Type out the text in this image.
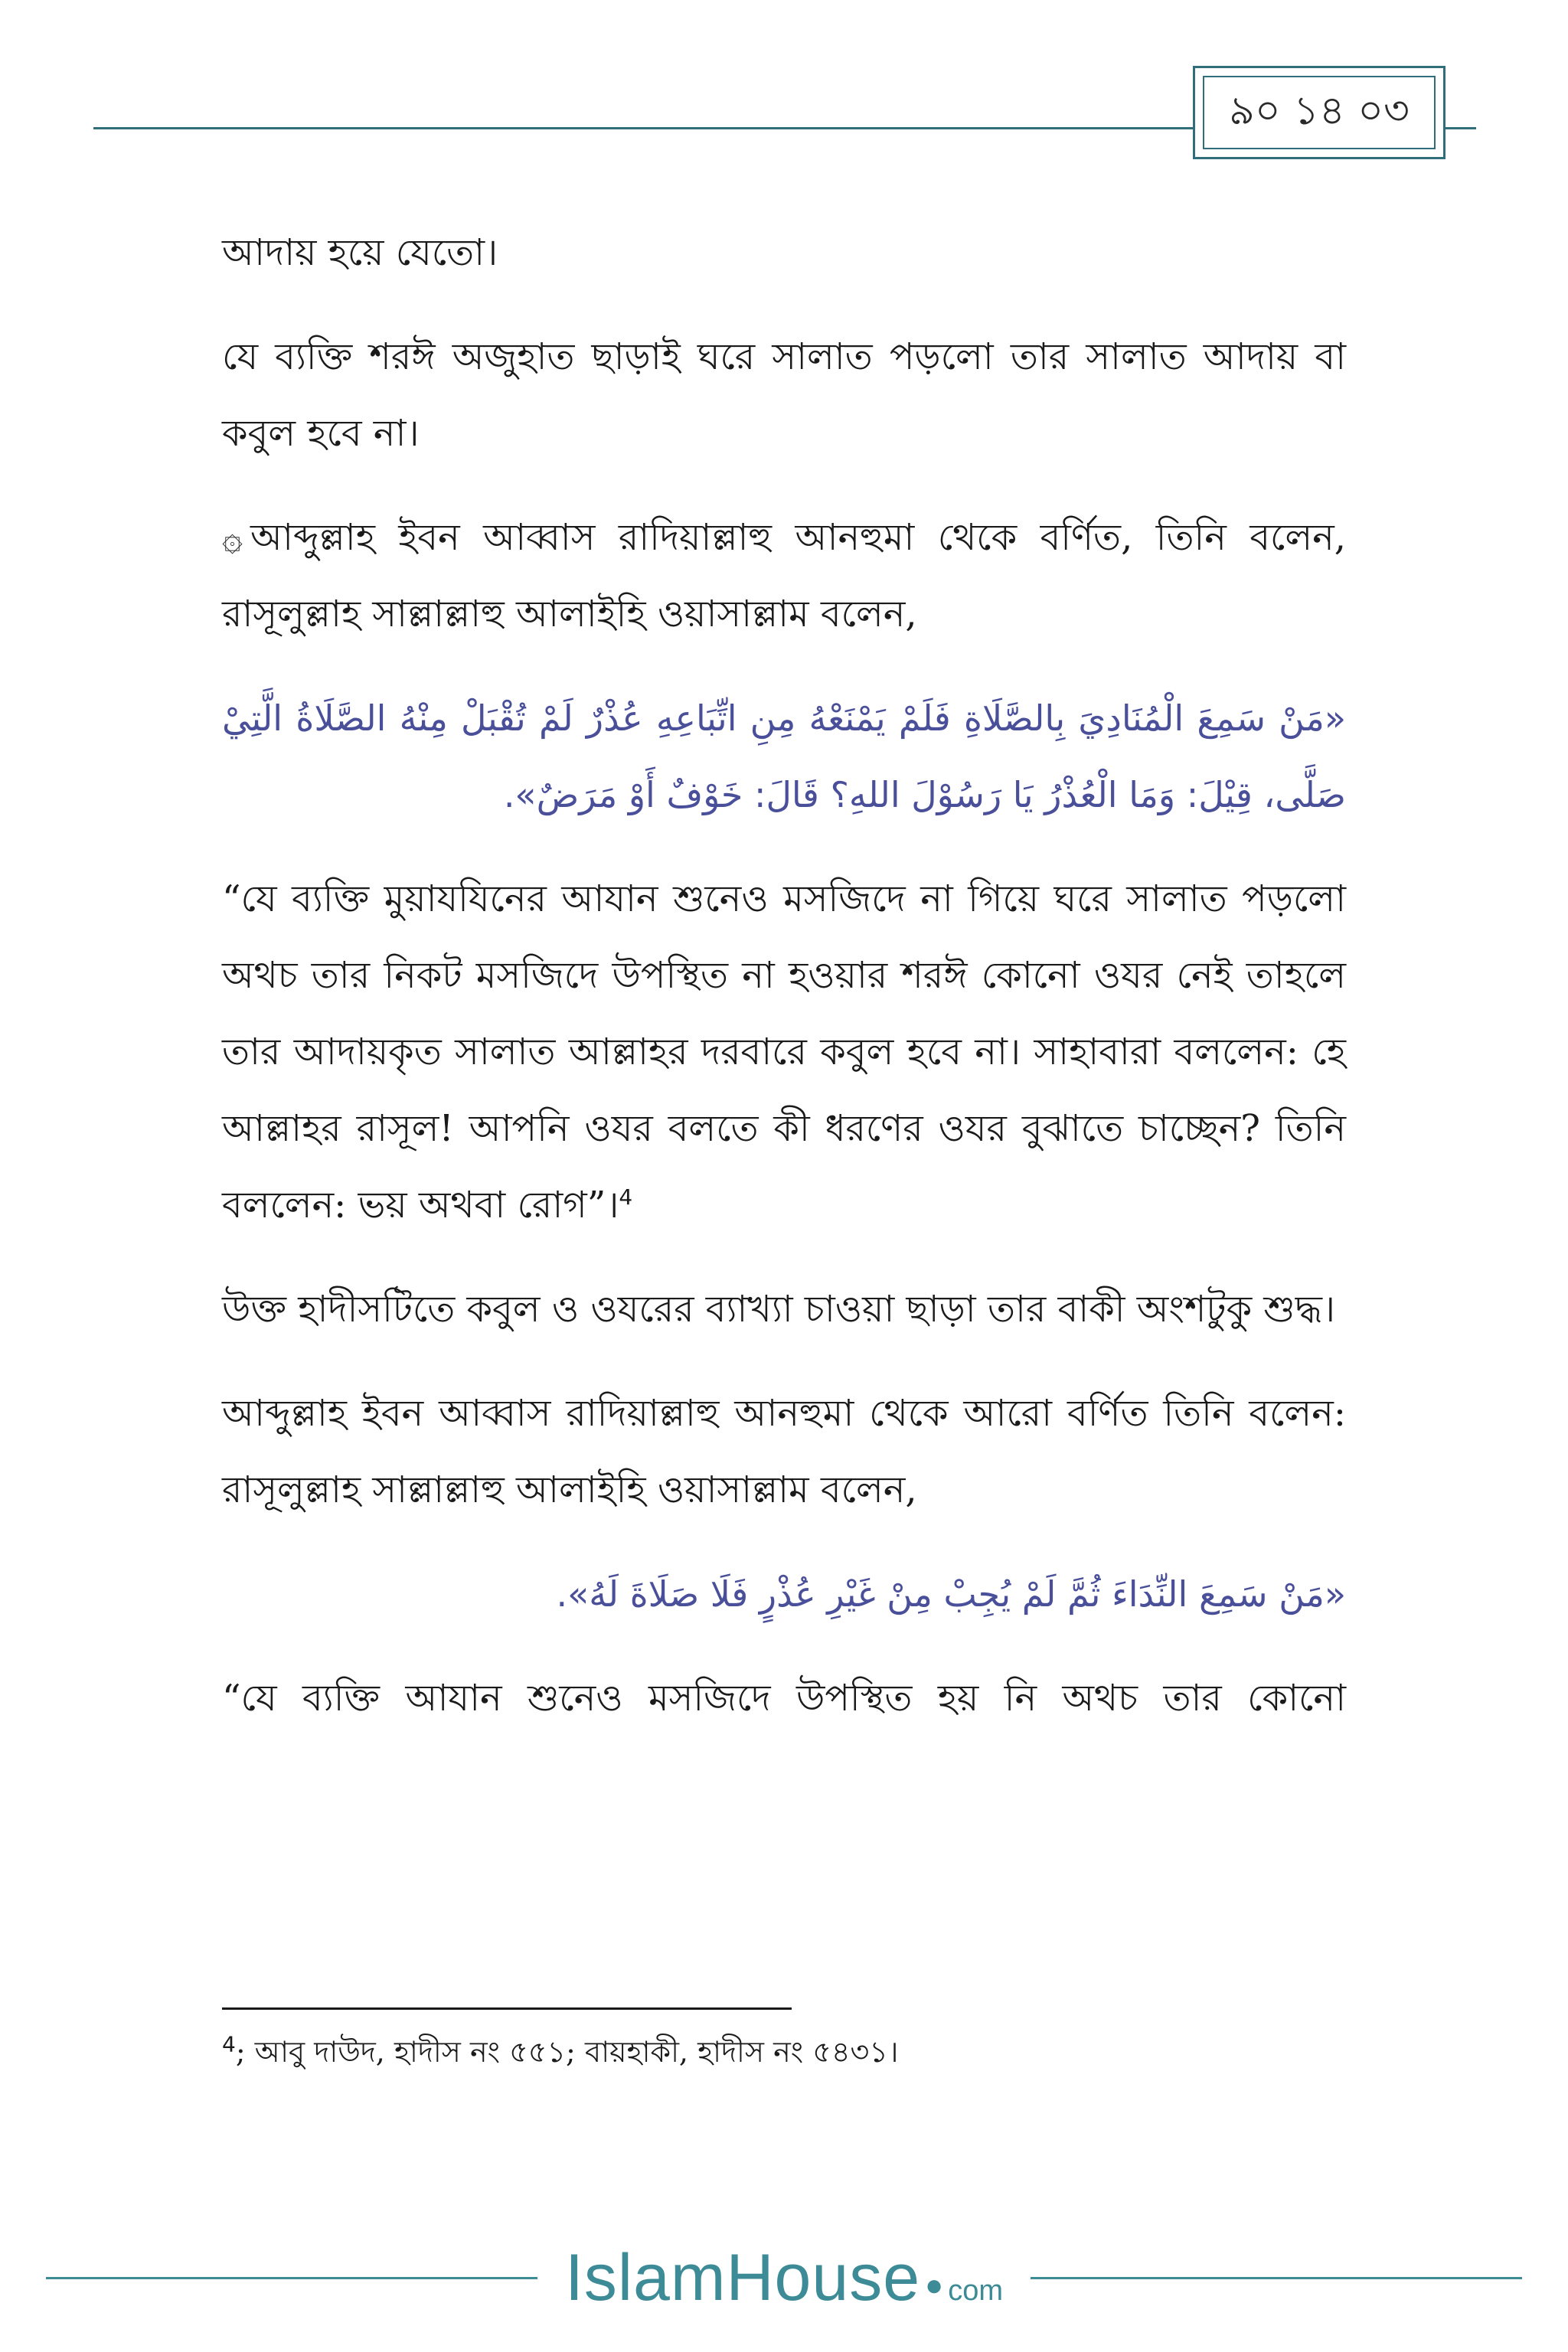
৯০ ১৪ ০৩

আদায় হয়ে যেতো।

যে ব্যক্তি শরঈ অজুহাত ছাড়াই ঘরে সালাত পড়লো তার সালাত আদায় বা কবুল হবে না।

۞ আব্দুল্লাহ ইবন আব্বাস রাদিয়াল্লাহু আনহুমা থেকে বর্ণিত, তিনি বলেন, রাসূলুল্লাহ সাল্লাল্লাহু আলাইহি ওয়াসাল্লাম বলেন,

«مَنْ سَمِعَ الْمُنَادِيَ بِالصَّلَاةِ فَلَمْ يَمْنَعْهُ مِنِ اتِّبَاعِهِ عُذْرٌ لَمْ تُقْبَلْ مِنْهُ الصَّلَاةُ الَّتِيْ صَلَّى، قِيْلَ: وَمَا الْعُذْرُ يَا رَسُوْلَ اللهِ؟ قَالَ: خَوْفٌ أَوْ مَرَضٌ».

“যে ব্যক্তি মুয়াযযিনের আযান শুনেও মসজিদে না গিয়ে ঘরে সালাত পড়লো অথচ তার নিকট মসজিদে উপস্থিত না হওয়ার শরঈ কোনো ওযর নেই তাহলে তার আদায়কৃত সালাত আল্লাহর দরবারে কবুল হবে না। সাহাবারা বললেন: হে আল্লাহর রাসূল! আপনি ওযর বলতে কী ধরণের ওযর বুঝাতে চাচ্ছেন? তিনি বললেন: ভয় অথবা রোগ”।$^4$

উক্ত হাদীসটিতে কবুল ও ওযরের ব্যাখ্যা চাওয়া ছাড়া তার বাকী অংশটুকু শুদ্ধ।

আব্দুল্লাহ ইবন আব্বাস রাদিয়াল্লাহু আনহুমা থেকে আরো বর্ণিত তিনি বলেন: রাসূলুল্লাহ সাল্লাল্লাহু আলাইহি ওয়াসাল্লাম বলেন,

«مَنْ سَمِعَ النِّدَاءَ ثُمَّ لَمْ يُجِبْ مِنْ غَيْرِ عُذْرٍ فَلَا صَلَاةَ لَهُ».

“যে ব্যক্তি আযান শুনেও মসজিদে উপস্থিত হয় নি অথচ তার কোনো

$^4$; আবু দাউদ, হাদীস নং ৫৫১; বায়হাকী, হাদীস নং ৫৪৩১।
IslamHouse ● com
